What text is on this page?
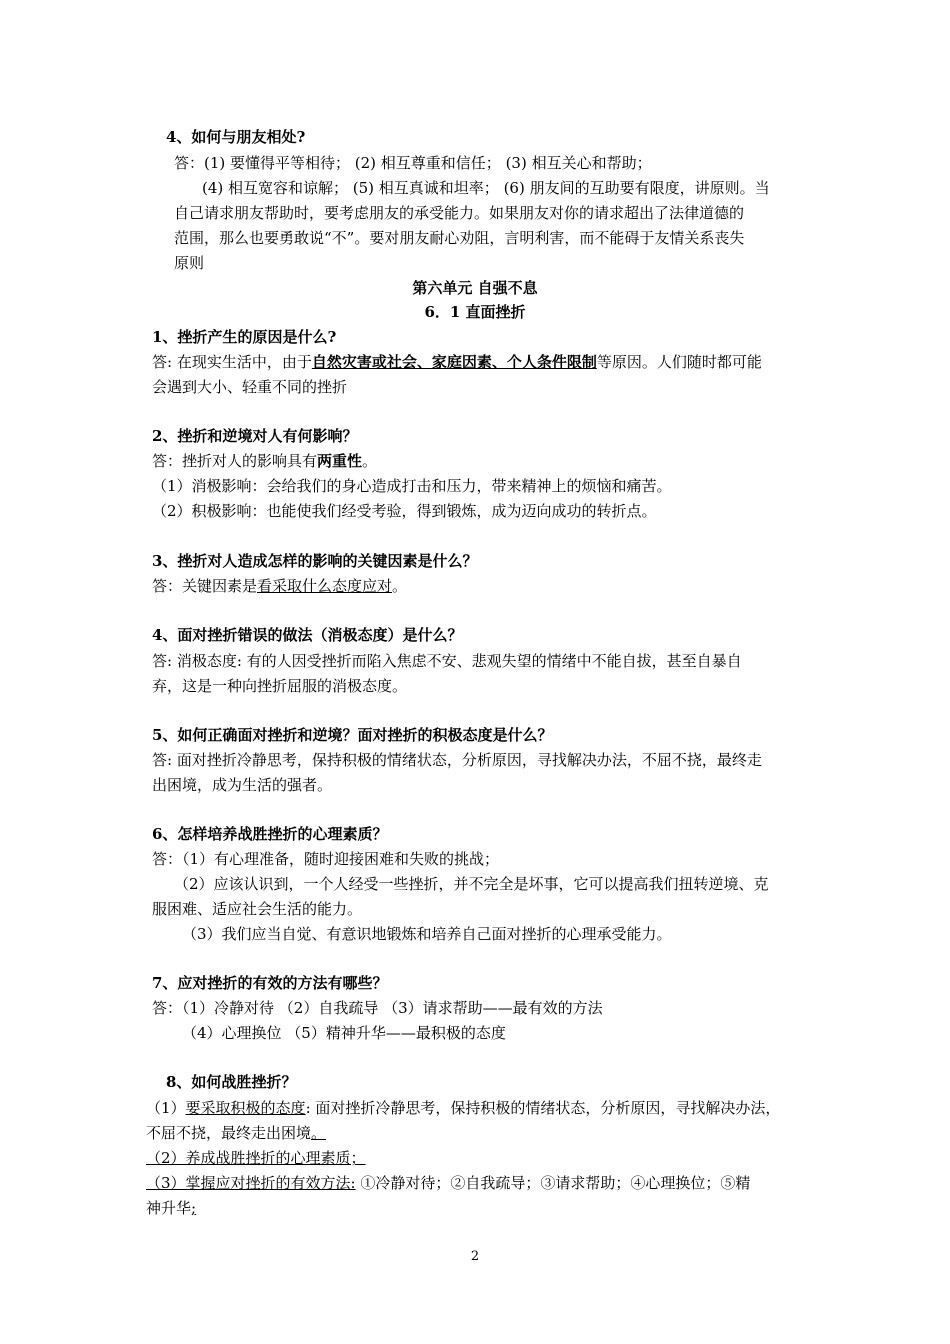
4、如何与朋友相处?
答：(1) 要懂得平等相待； (2) 相互尊重和信任； (3) 相互关心和帮助；
(4) 相互宽容和谅解； (5) 相互真诚和坦率； (6) 朋友间的互助要有限度，讲原则。当
自己请求朋友帮助时，要考虑朋友的承受能力。如果朋友对你的请求超出了法律道德的
范围，那么也要勇敢说“不”。要对朋友耐心劝阻，言明利害，而不能碍于友情关系丧失
原则
第六单元 自强不息
6．1 直面挫折
1、挫折产生的原因是什么?
答: 在现实生活中，由于自然灾害或社会、家庭因素、个人条件限制等原因。人们随时都可能
会遇到大小、轻重不同的挫折
2、挫折和逆境对人有何影响？
答：挫折对人的影响具有两重性。
（1）消极影响：会给我们的身心造成打击和压力，带来精神上的烦恼和痛苦。
（2）积极影响：也能使我们经受考验，得到锻炼，成为迈向成功的转折点。
3、挫折对人造成怎样的影响的关键因素是什么？
答：关键因素是看采取什么态度应对。
4、面对挫折错误的做法（消极态度）是什么？
答: 消极态度: 有的人因受挫折而陷入焦虑不安、悲观失望的情绪中不能自拔，甚至自暴自
弃，这是一种向挫折屈服的消极态度。
5、如何正确面对挫折和逆境？面对挫折的积极态度是什么？
答: 面对挫折冷静思考，保持积极的情绪状态，分析原因，寻找解决办法，不屈不挠，最终走
出困境，成为生活的强者。
6、怎样培养战胜挫折的心理素质？
答：（1）有心理准备，随时迎接困难和失败的挑战；
（2）应该认识到，一个人经受一些挫折，并不完全是坏事，它可以提高我们扭转逆境、克
服困难、适应社会生活的能力。
（3）我们应当自觉、有意识地锻炼和培养自己面对挫折的心理承受能力。
7、应对挫折的有效的方法有哪些？
答：（1）冷静对待 （2）自我疏导 （3）请求帮助——最有效的方法
（4）心理换位 （5）精神升华——最积极的态度
8、如何战胜挫折？
（1）要采取积极的态度: 面对挫折冷静思考，保持积极的情绪状态，分析原因，寻找解决办法，
不屈不挠，最终走出困境。
（2）养成战胜挫折的心理素质；
（3）掌握应对挫折的有效方法: ①冷静对待；②自我疏导；③请求帮助；④心理换位；⑤精
神升华;
2
